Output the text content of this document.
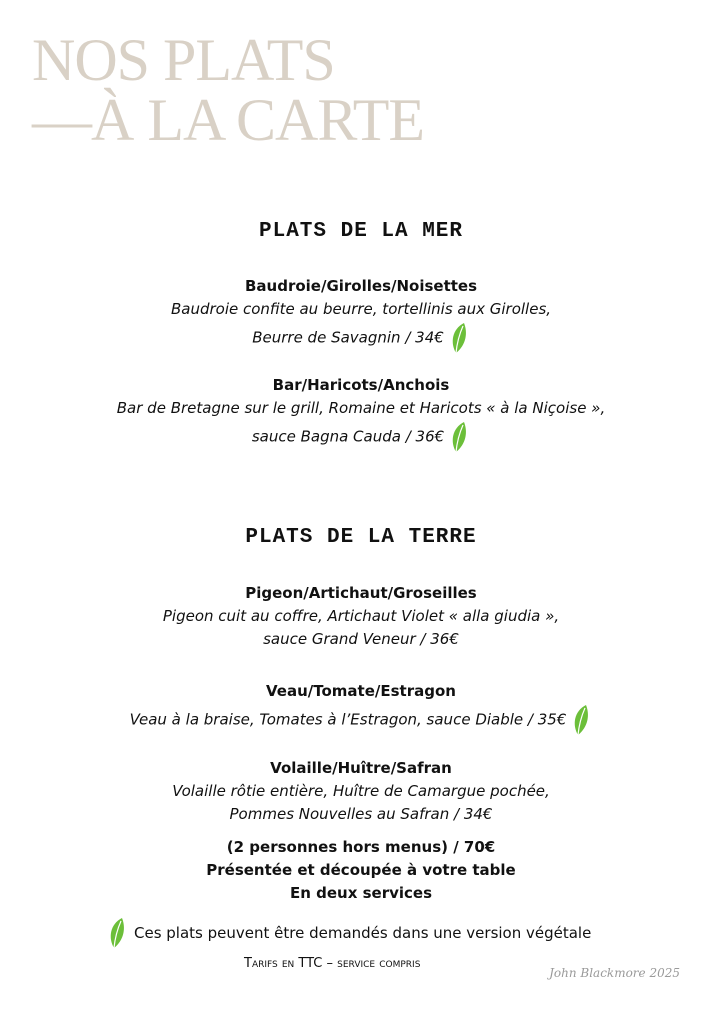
NOS PLATS
—À LA CARTE
PLATS DE LA MER
Baudroie/Girolles/Noisettes
Baudroie confite au beurre, tortellinis aux Girolles,
Beurre de Savagnin / 34€
Bar/Haricots/Anchois
Bar de Bretagne sur le grill, Romaine et Haricots « à la Niçoise »,
sauce Bagna Cauda / 36€
PLATS DE LA TERRE
Pigeon/Artichaut/Groseilles
Pigeon cuit au coffre, Artichaut Violet « alla giudia »,
sauce Grand Veneur / 36€
Veau/Tomate/Estragon
Veau à la braise, Tomates à l’Estragon, sauce Diable / 35€
Volaille/Huître/Safran
Volaille rôtie entière, Huître de Camargue pochée,
Pommes Nouvelles au Safran / 34€
(2 personnes hors menus) / 70€
Présentée et découpée à votre table
En deux services
Ces plats peuvent être demandés dans une version végétale
Tarifs en TTC – service compris
John Blackmore 2025
